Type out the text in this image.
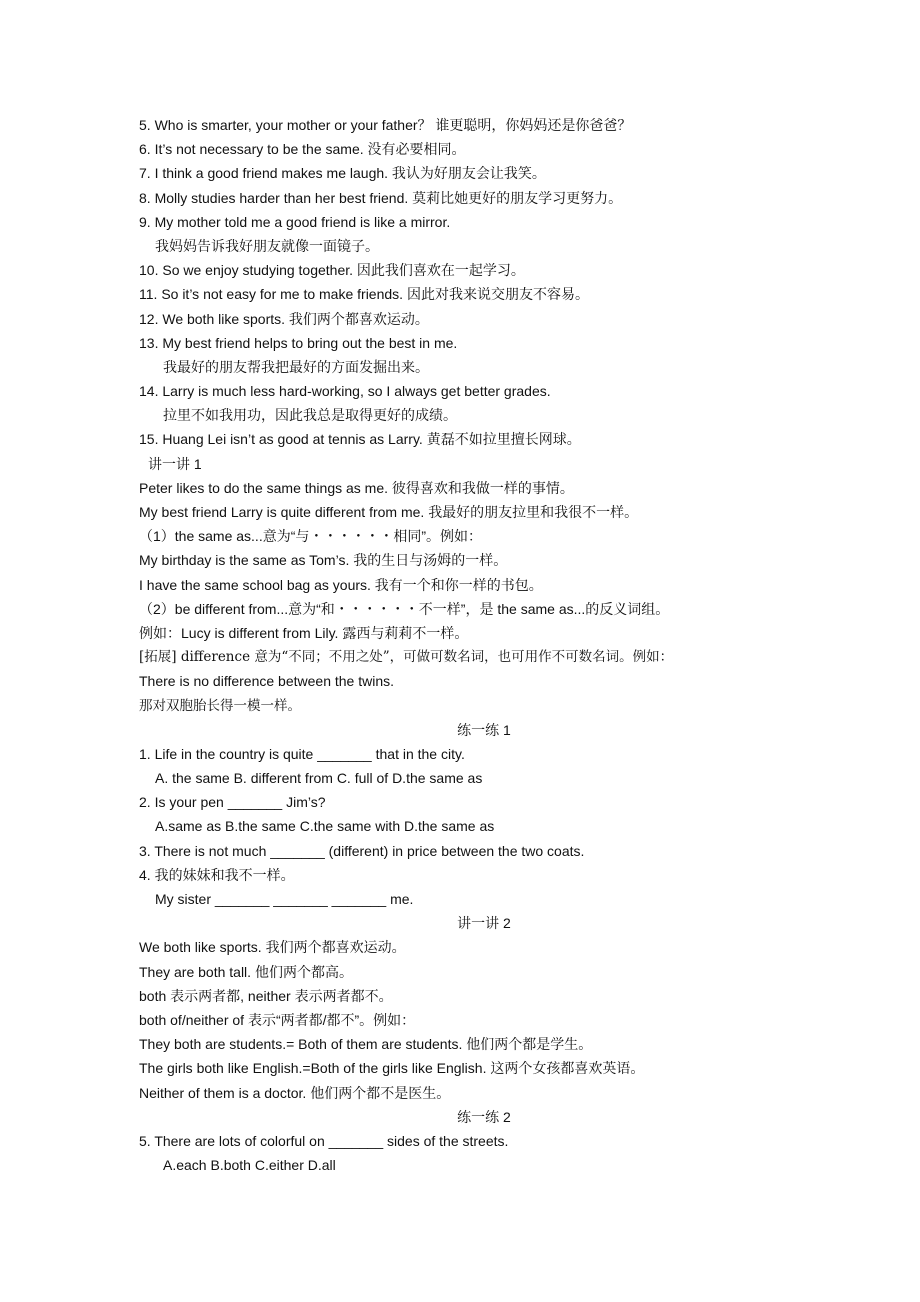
5. Who is smarter, your mother or your father？ 谁更聪明，你妈妈还是你爸爸？
6. It’s not necessary to be the same. 没有必要相同。
7. I think a good friend makes me laugh. 我认为好朋友会让我笑。
8. Molly studies harder than her best friend. 莫莉比她更好的朋友学习更努力。
9. My mother told me a good friend is like a mirror.
我妈妈告诉我好朋友就像一面镜子。
10. So we enjoy studying together. 因此我们喜欢在一起学习。
11. So it’s not easy for me to make friends. 因此对我来说交朋友不容易。
12. We both like sports. 我们两个都喜欢运动。
13. My best friend helps to bring out the best in me.
我最好的朋友帮我把最好的方面发掘出来。
14. Larry is much less hard-working, so I always get better grades.
拉里不如我用功，因此我总是取得更好的成绩。
15. Huang Lei isn’t as good at tennis as Larry. 黄磊不如拉里擅长网球。
讲一讲 1
Peter likes to do the same things as me. 彼得喜欢和我做一样的事情。
My best friend Larry is quite different from me. 我最好的朋友拉里和我很不一样。
（1）the same as...意为“与・・・・・・相同”。例如：
My birthday is the same as Tom’s. 我的生日与汤姆的一样。
I have the same school bag as yours. 我有一个和你一样的书包。
（2）be different from...意为“和・・・・・・不一样”，是 the same as...的反义词组。
例如：Lucy is different from Lily. 露西与莉莉不一样。
[拓展] difference 意为“不同；不用之处”，可做可数名词，也可用作不可数名词。例如：
There is no difference between the twins.
那对双胞胎长得一模一样。
练一练 1
1. Life in the country is quite _______ that in the city.
A. the same B. different from C. full of D.the same as
2. Is your pen _______ Jim’s?
A.same as B.the same C.the same with D.the same as
3. There is not much _______ (different) in price between the two coats.
4. 我的妹妹和我不一样。
My sister _______ _______ _______ me.
讲一讲 2
We both like sports. 我们两个都喜欢运动。
They are both tall. 他们两个都高。
both 表示两者都, neither 表示两者都不。
both of/neither of 表示“两者都/都不”。例如：
They both are students.= Both of them are students. 他们两个都是学生。
The girls both like English.=Both of the girls like English. 这两个女孩都喜欢英语。
Neither of them is a doctor. 他们两个都不是医生。
练一练 2
5. There are lots of colorful on _______ sides of the streets.
A.each B.both C.either D.all
